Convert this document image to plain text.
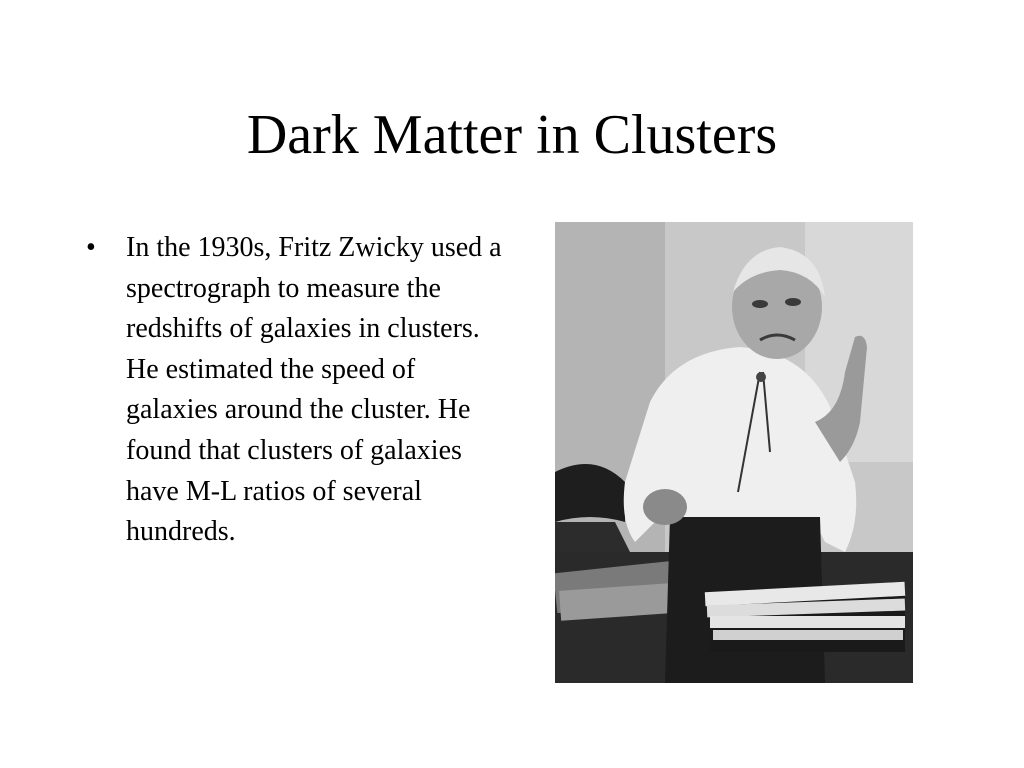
Dark Matter in Clusters
• In the 1930s, Fritz Zwicky used a spectrograph to measure the redshifts of galaxies in clusters. He estimated the speed of galaxies around the cluster. He found that clusters of galaxies have M-L ratios of several hundreds.
